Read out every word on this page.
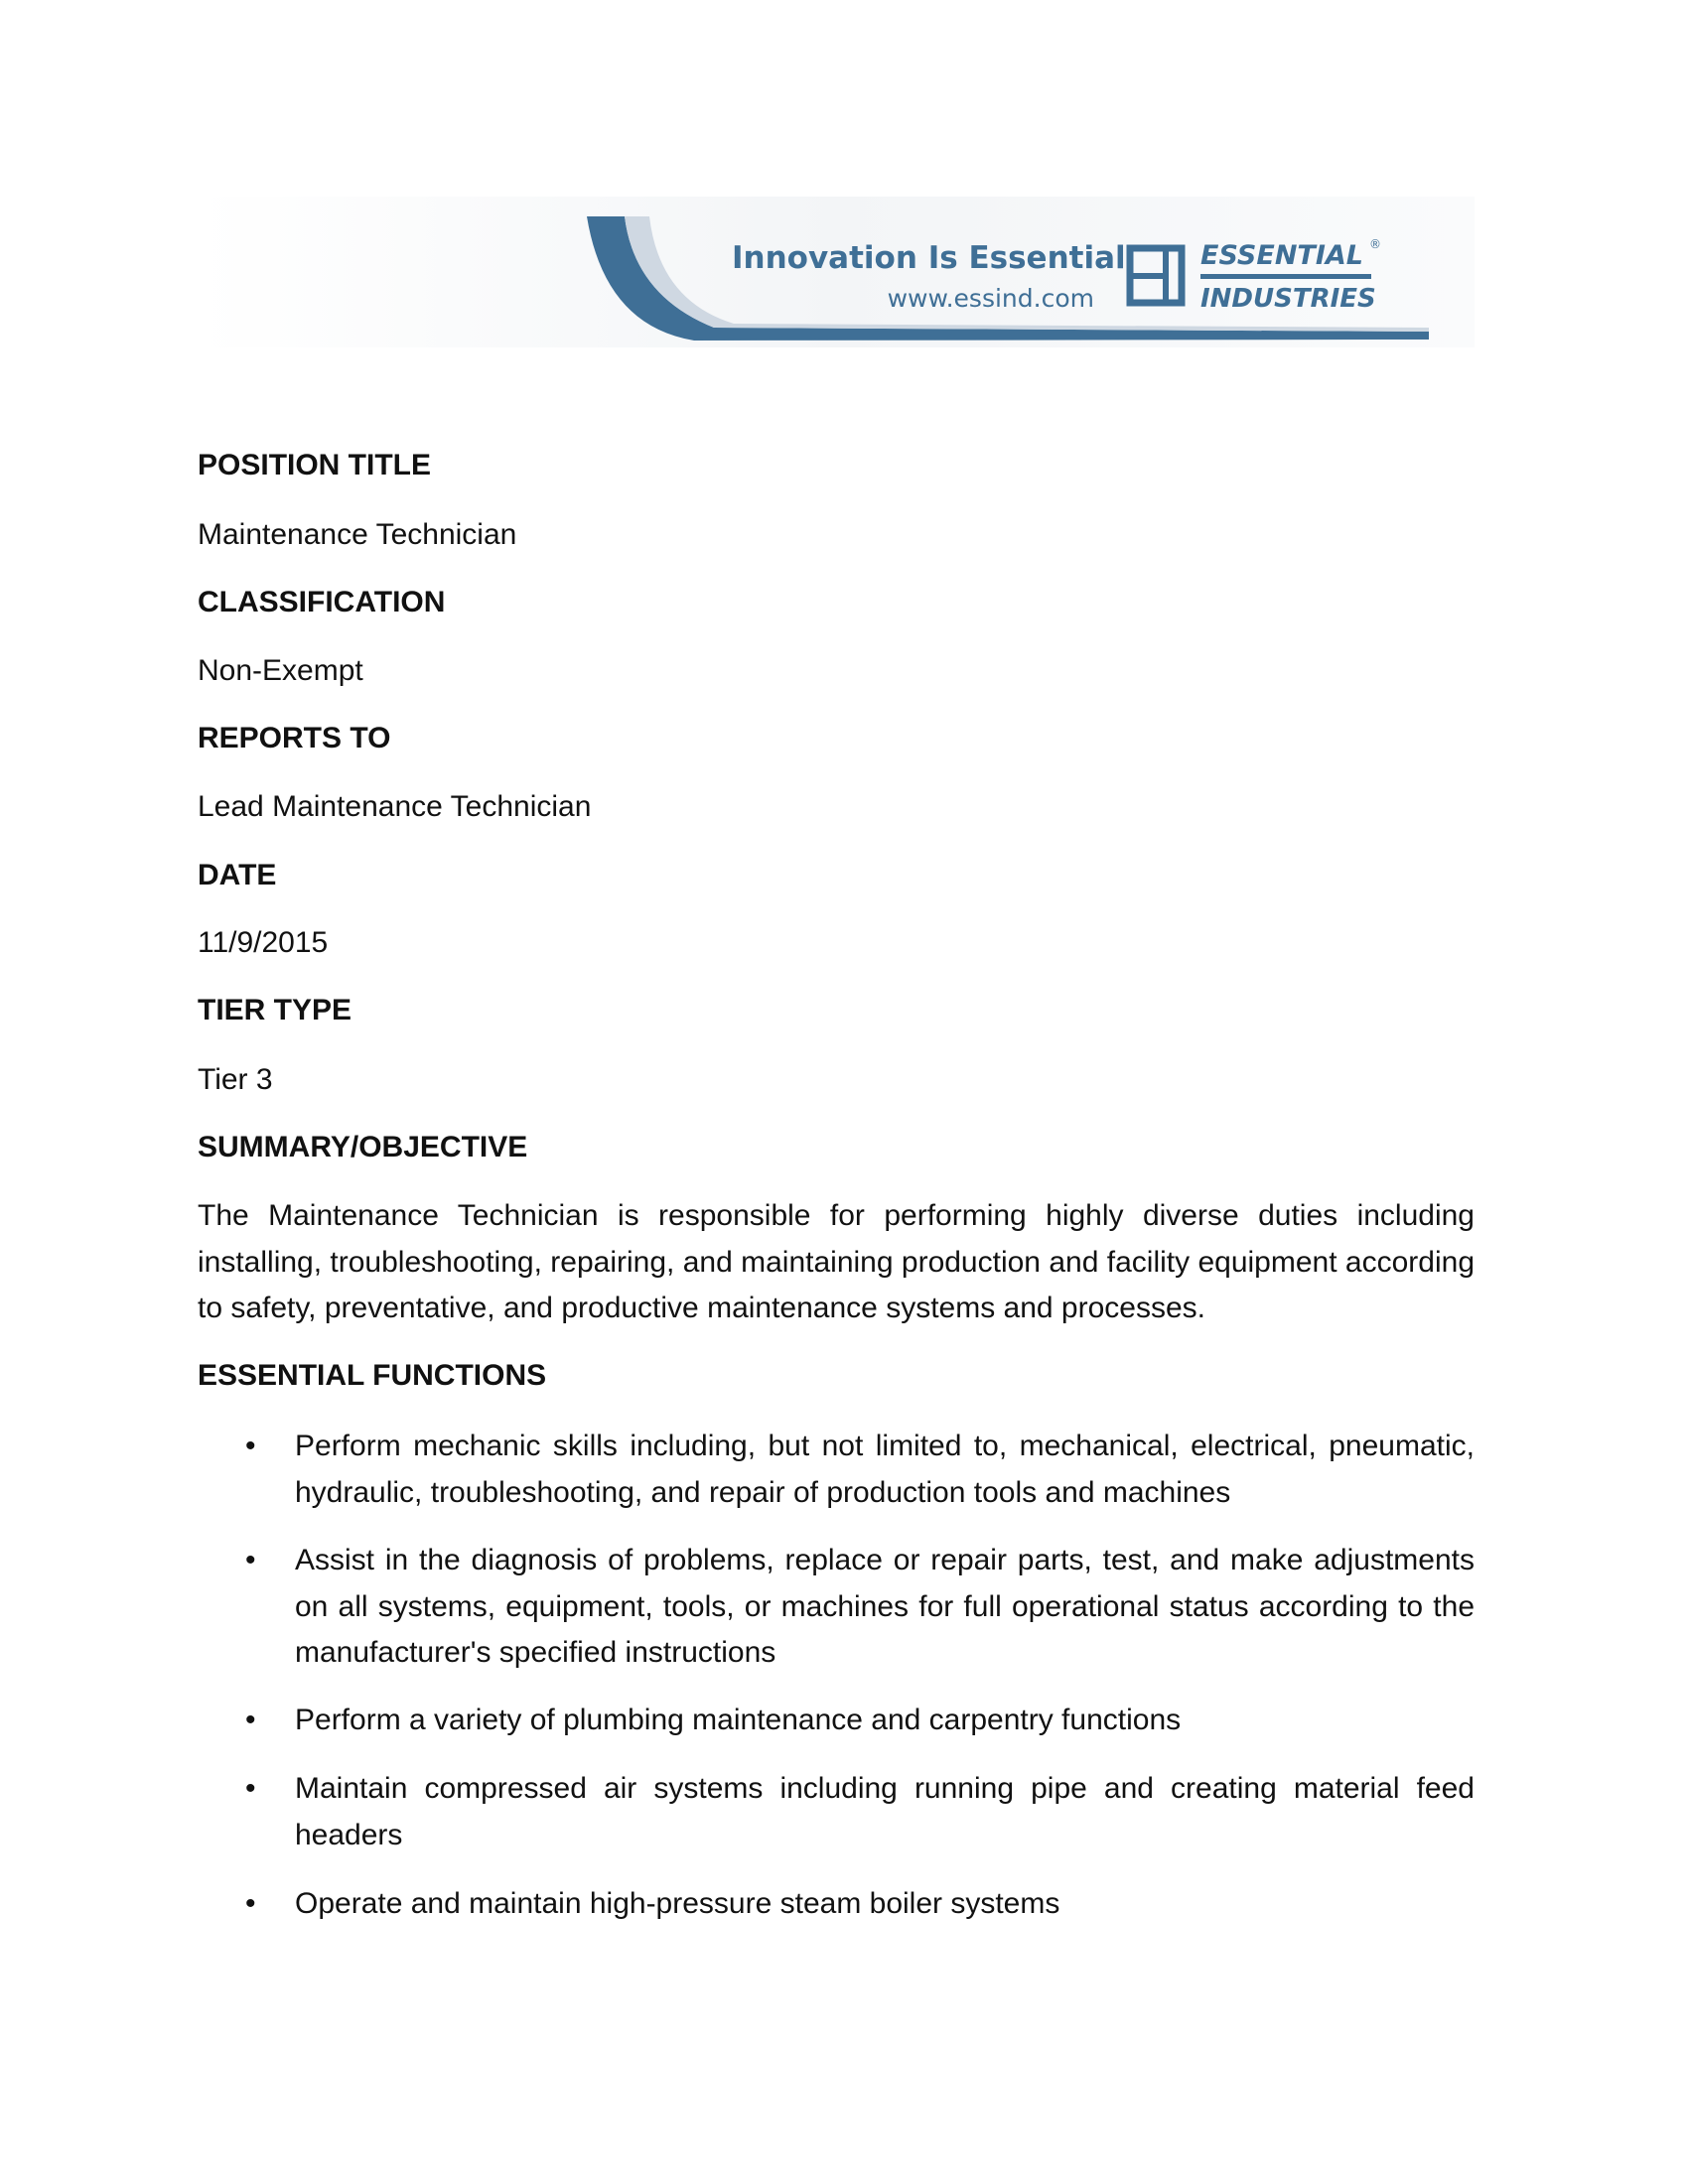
Innovation Is Essential
www.essind.com
ESSENTIAL ®
INDUSTRIES
POSITION TITLE
Maintenance Technician
CLASSIFICATION
Non-Exempt
REPORTS TO
Lead Maintenance Technician
DATE
11/9/2015
TIER TYPE
Tier 3
SUMMARY/OBJECTIVE
The Maintenance Technician is responsible for performing highly diverse duties including installing, troubleshooting, repairing, and maintaining production and facility equipment according to safety, preventative, and productive maintenance systems and processes.
ESSENTIAL FUNCTIONS
• Perform mechanic skills including, but not limited to, mechanical, electrical, pneumatic, hydraulic, troubleshooting, and repair of production tools and machines
• Assist in the diagnosis of problems, replace or repair parts, test, and make adjustments on all systems, equipment, tools, or machines for full operational status according to the manufacturer's specified instructions
• Perform a variety of plumbing maintenance and carpentry functions
• Maintain compressed air systems including running pipe and creating material feed headers
• Operate and maintain high-pressure steam boiler systems
